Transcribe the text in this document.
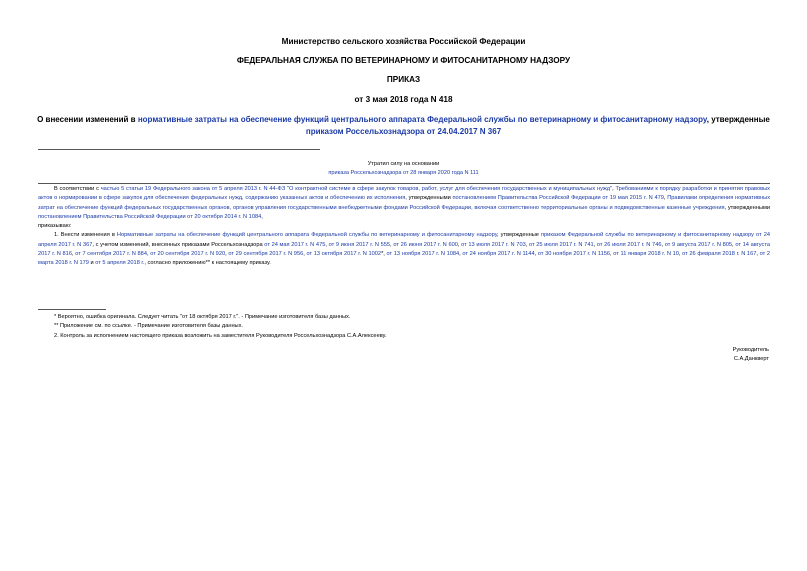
Министерство сельского хозяйства Российской Федерации
ФЕДЕРАЛЬНАЯ СЛУЖБА ПО ВЕТЕРИНАРНОМУ И ФИТОСАНИТАРНОМУ НАДЗОРУ
ПРИКАЗ
от 3 мая 2018 года N 418
О внесении изменений в нормативные затраты на обеспечение функций центрального аппарата Федеральной службы по ветеринарному и фитосанитарному надзору, утвержденные приказом Россельхознадзора от 24.04.2017 N 367
Утратил силу на основании
приказа Россельхознадзора от 28 января 2020 года N 111

В соответствии с частью 5 статьи 19 Федерального закона от 5 апреля 2013 г. N 44-ФЗ "О контрактной системе в сфере закупок товаров, работ, услуг для обеспечения государственных и муниципальных нужд", Требованиями к порядку разработки и принятия правовых актов о нормировании в сфере закупок для обеспечения федеральных нужд, содержанию указанных актов и обеспечению их исполнения, утвержденными постановлением Правительства Российской Федерации от 19 мая 2015 г. N 479, Правилами определения нормативных затрат на обеспечение функций федеральных государственных органов, органов управления государственными внебюджетными фондами Российской Федерации, включая соответственно территориальные органы и подведомственные казенные учреждения, утвержденными постановлением Правительства Российской Федерации от 20 октября 2014 г. N 1084,

приказываю:

1. Внести изменения в Нормативные затраты на обеспечение функций центрального аппарата Федеральной службы по ветеринарному и фитосанитарному надзору, утвержденные приказом Федеральной службы по ветеринарному и фитосанитарному надзору от 24 апреля 2017 г. N 367, с учетом изменений, внесенных приказами Россельхознадзора от 24 мая 2017 г. N 475, от 9 июня 2017 г. N 555, от 26 июня 2017 г. N 600, от 13 июля 2017 г. N 703, от 25 июля 2017 г. N 741, от 26 июля 2017 г. N 746, от 9 августа 2017 г. N 805, от 14 августа 2017 г. N 816, от 7 сентября 2017 г. N 884, от 20 сентября 2017 г. N 920, от 29 сентября 2017 г. N 956, от 13 октября 2017 г. N 1002*, от 13 ноября 2017 г. N 1084, от 24 ноября 2017 г. N 1144, от 30 ноября 2017 г. N 1156, от 11 января 2018 г. N 10, от 26 февраля 2018 г. N 167, от 2 марта 2018 г. N 179 и от 5 апреля 2018 г., согласно приложению** к настоящему приказу.

* Вероятно, ошибка оригинала. Следует читать "от 18 октября 2017 г.". - Примечание изготовителя базы данных.

** Приложение см. по ссылке. - Примечание изготовителя базы данных.

2. Контроль за исполнением настоящего приказа возложить на заместителя Руководителя Россельхознадзора С.А.Алексееву.

Руководитель
С.А.Данкверт
